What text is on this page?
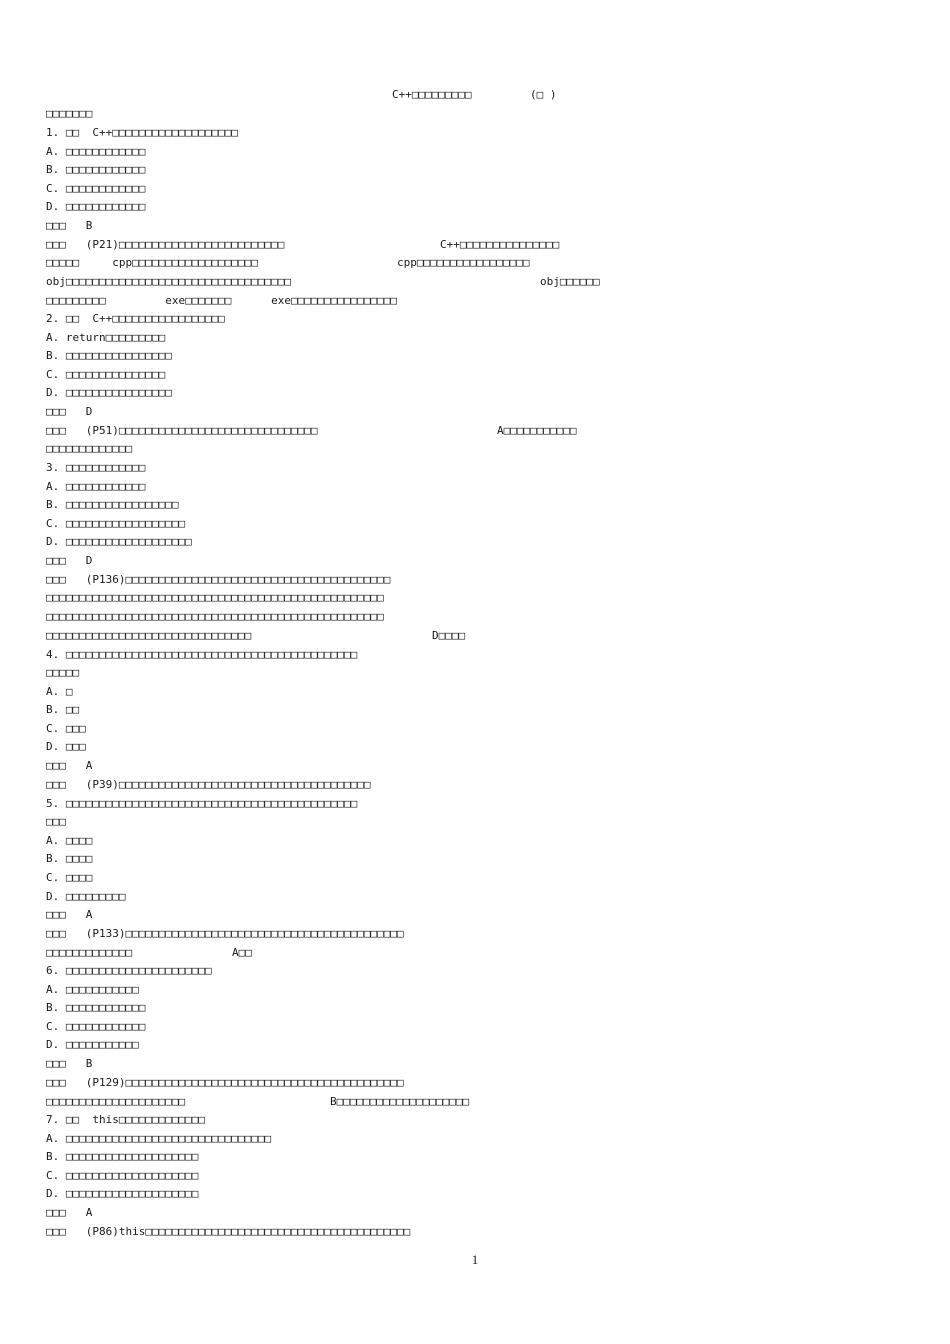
C++□□□□□□□□□	(□ )
□□□□□□□
1. □□  C++□□□□□□□□□□□□□□□□□□□
A. □□□□□□□□□□□□
B. □□□□□□□□□□□□
C. □□□□□□□□□□□□
D. □□□□□□□□□□□□
□□□   B
□□□   (P21)□□□□□□□□□□□□□□□□□□□□□□□□□	C++□□□□□□□□□□□□□□□
□□□□□     cpp□□□□□□□□□□□□□□□□□□□	cpp□□□□□□□□□□□□□□□□□
obj□□□□□□□□□□□□□□□□□□□□□□□□□□□□□□□□□□	obj□□□□□□
□□□□□□□□□         exe□□□□□□□      exe□□□□□□□□□□□□□□□□
2. □□  C++□□□□□□□□□□□□□□□□□
A. return□□□□□□□□□
B. □□□□□□□□□□□□□□□□
C. □□□□□□□□□□□□□□□
D. □□□□□□□□□□□□□□□□
□□□   D
□□□   (P51)□□□□□□□□□□□□□□□□□□□□□□□□□□□□□□	A□□□□□□□□□□□
□□□□□□□□□□□□□
3. □□□□□□□□□□□□
A. □□□□□□□□□□□□
B. □□□□□□□□□□□□□□□□□
C. □□□□□□□□□□□□□□□□□□
D. □□□□□□□□□□□□□□□□□□□
□□□   D
□□□   (P136)□□□□□□□□□□□□□□□□□□□□□□□□□□□□□□□□□□□□□□□□
□□□□□□□□□□□□□□□□□□□□□□□□□□□□□□□□□□□□□□□□□□□□□□□□□□□
□□□□□□□□□□□□□□□□□□□□□□□□□□□□□□□□□□□□□□□□□□□□□□□□□□□
□□□□□□□□□□□□□□□□□□□□□□□□□□□□□□□	D□□□□
4. □□□□□□□□□□□□□□□□□□□□□□□□□□□□□□□□□□□□□□□□□□□□
□□□□□
A. □
B. □□
C. □□□
D. □□□
□□□   A
□□□   (P39)□□□□□□□□□□□□□□□□□□□□□□□□□□□□□□□□□□□□□□
5. □□□□□□□□□□□□□□□□□□□□□□□□□□□□□□□□□□□□□□□□□□□□
□□□
A. □□□□
B. □□□□
C. □□□□
D. □□□□□□□□□
□□□   A
□□□   (P133)□□□□□□□□□□□□□□□□□□□□□□□□□□□□□□□□□□□□□□□□□□
□□□□□□□□□□□□□	A□□
6. □□□□□□□□□□□□□□□□□□□□□□
A. □□□□□□□□□□□
B. □□□□□□□□□□□□
C. □□□□□□□□□□□□
D. □□□□□□□□□□□
□□□   B
□□□   (P129)□□□□□□□□□□□□□□□□□□□□□□□□□□□□□□□□□□□□□□□□□□
□□□□□□□□□□□□□□□□□□□□□	B□□□□□□□□□□□□□□□□□□□□
7. □□  this□□□□□□□□□□□□□
A. □□□□□□□□□□□□□□□□□□□□□□□□□□□□□□□
B. □□□□□□□□□□□□□□□□□□□□
C. □□□□□□□□□□□□□□□□□□□□
D. □□□□□□□□□□□□□□□□□□□□
□□□   A
□□□   (P86)this□□□□□□□□□□□□□□□□□□□□□□□□□□□□□□□□□□□□□□□□
1
